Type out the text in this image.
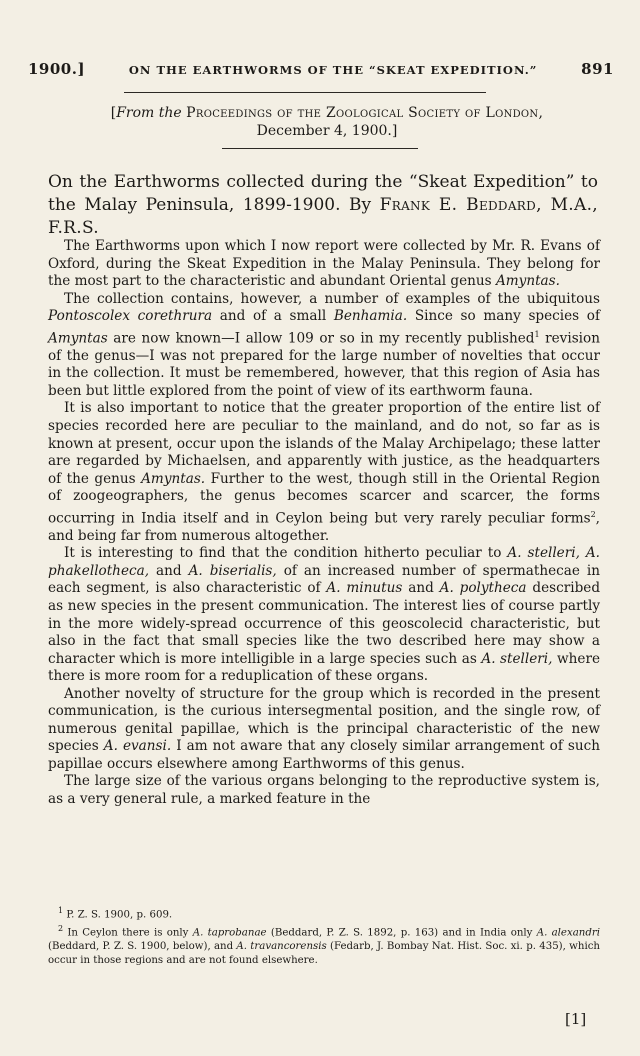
1900.]	ON THE EARTHWORMS OF THE “SKEAT EXPEDITION.”	891
[From the Proceedings of the Zoological Society of London,
December 4, 1900.]
On the Earthworms collected during the “Skeat Expedition” to the Malay Peninsula, 1899-1900. By Frank E. Beddard, M.A., F.R.S.

The Earthworms upon which I now report were collected by Mr. R. Evans of Oxford, during the Skeat Expedition in the Malay Peninsula. They belong for the most part to the characteristic and abundant Oriental genus Amyntas.

The collection contains, however, a number of examples of the ubiquitous Pontoscolex corethrura and of a small Benhamia. Since so many species of Amyntas are now known—I allow 109 or so in my recently published$^1$ revision of the genus—I was not prepared for the large number of novelties that occur in the collection. It must be remembered, however, that this region of Asia has been but little explored from the point of view of its earthworm fauna.

It is also important to notice that the greater proportion of the entire list of species recorded here are peculiar to the mainland, and do not, so far as is known at present, occur upon the islands of the Malay Archipelago; these latter are regarded by Michaelsen, and apparently with justice, as the headquarters of the genus Amyntas. Further to the west, though still in the Oriental Region of zoogeographers, the genus becomes scarcer and scarcer, the forms occurring in India itself and in Ceylon being but very rarely peculiar forms$^2$, and being far from numerous altogether.

It is interesting to find that the condition hitherto peculiar to A. stelleri, A. phakellotheca, and A. biserialis, of an increased number of spermathecae in each segment, is also characteristic of A. minutus and A. polytheca described as new species in the present communication. The interest lies of course partly in the more widely-spread occurrence of this geoscolecid characteristic, but also in the fact that small species like the two described here may show a character which is more intelligible in a large species such as A. stelleri, where there is more room for a reduplication of these organs.

Another novelty of structure for the group which is recorded in the present communication, is the curious intersegmental position, and the single row, of numerous genital papillae, which is the principal characteristic of the new species A. evansi. I am not aware that any closely similar arrangement of such papillae occurs elsewhere among Earthworms of this genus.

The large size of the various organs belonging to the reproductive system is, as a very general rule, a marked feature in the

$^1$ P. Z. S. 1900, p. 609.

$^2$ In Ceylon there is only A. taprobanae (Beddard, P. Z. S. 1892, p. 163) and in India only A. alexandri (Beddard, P. Z. S. 1900, below), and A. travancorensis (Fedarb, J. Bombay Nat. Hist. Soc. xi. p. 435), which occur in those regions and are not found elsewhere.

[1]
